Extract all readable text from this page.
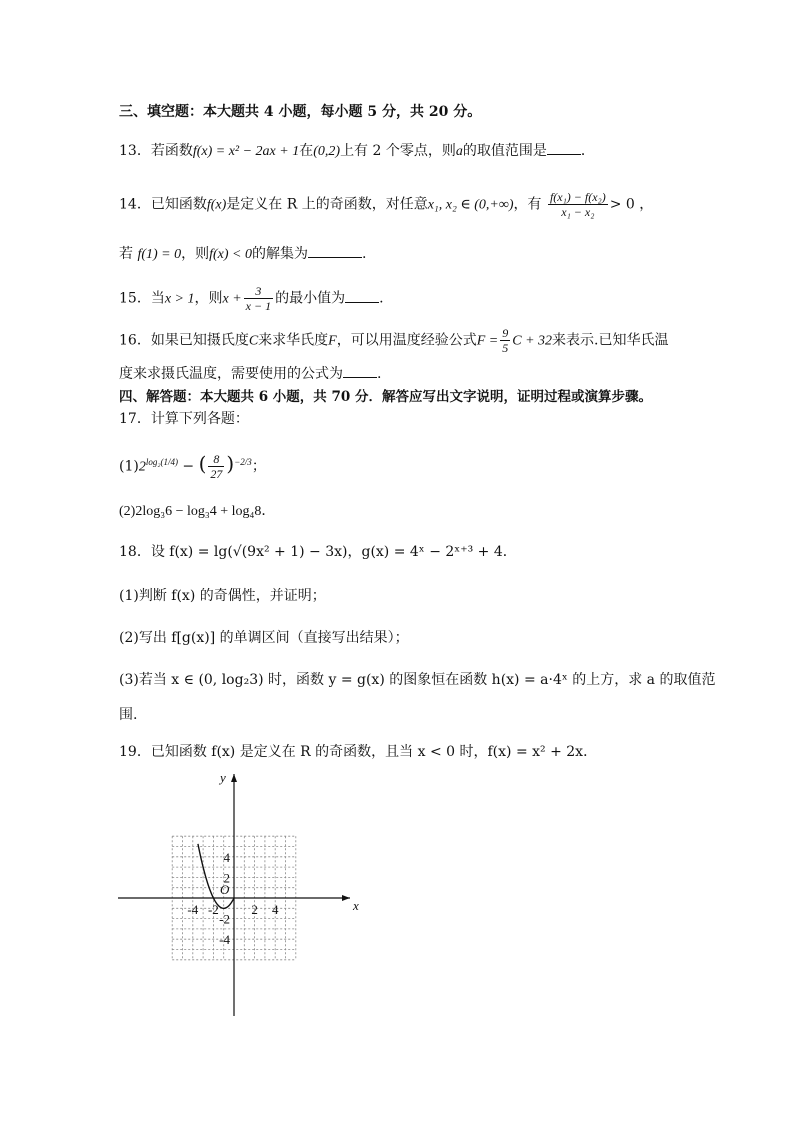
三、填空题：本大题共 4 小题，每小题 5 分，共 20 分。
13．若函数f(x) = x² − 2ax + 1在(0,2)上有 2 个零点，则a的取值范围是 ．
14．已知函数f(x)是定义在 R 上的奇函数，对任意x₁, x₂ ∈ (0,+∞)，有 $\frac{\text{f(x₁) − f(x₂)}}{\text{x₁ − x₂}} > 0$ ，
若 f(1) = 0，则f(x) < 0的解集为	.
15．当x > 1，则$x + \frac{3}{x - 1}$ 的最小值为 .
16．如果已知摄氏度C来求华氏度F，可以用温度经验公式$F = \frac{9}{5}$ C + 32来表示.已知华氏温
度来求摄氏温度，需要使用的公式为 .
四、解答题：本大题共 6 小题，共 70 分．解答应写出文字说明，证明过程或演算步骤。
17．计算下列各题：
$(1)2^{log_2(1/4)}$ − ( $\frac{8}{27} )^{-2/3}$；
(2)2log₃6 − log₃4 + log₄8．
18．设 f(x) = lg(√(9x² + 1) − 3x)，g(x) = 4ˣ − 2ˣ⁺³ + 4．
(1)判断 f(x) 的奇偶性，并证明；
(2)写出 f[g(x)] 的单调区间（直接写出结果）；
(3)若当 x ∈ (0, log₂3) 时，函数 y = g(x) 的图象恒在函数 h(x) = a·4ˣ 的上方，求 a 的取值范
围.
19．已知函数 f(x) 是定义在 R 的奇函数，且当 x < 0 时，f(x) = x² + 2x．
x
y
O
-4 -2	2 4
4
2
-2
-4
